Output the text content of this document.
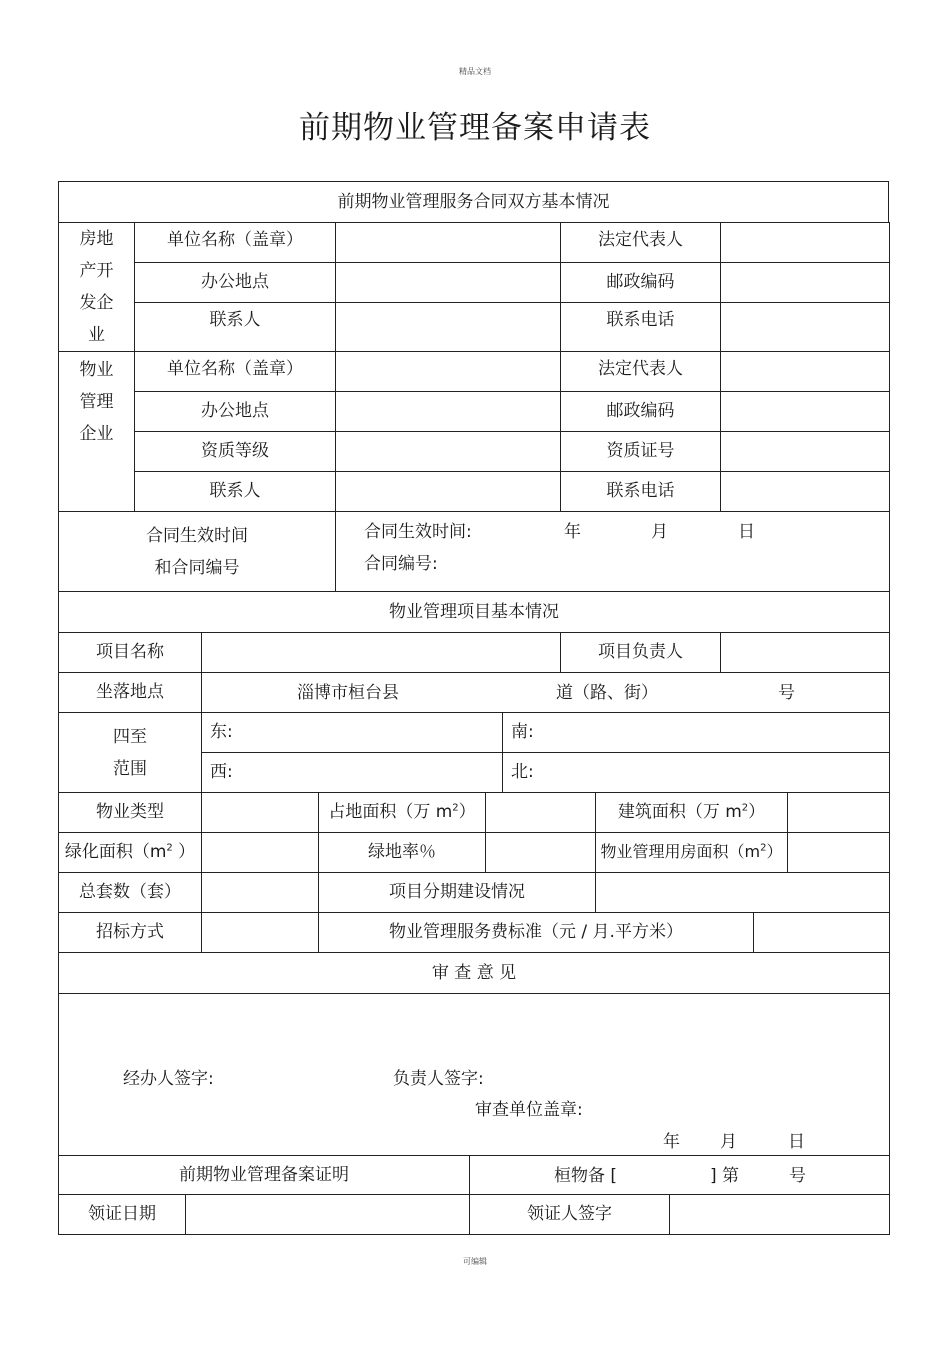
精品文档
前期物业管理备案申请表
前期物业管理服务合同双方基本情况
房地
产开
发企
业
单位名称（盖章）	法定代表人
办公地点	邮政编码
联系人	联系电话
物业
管理
企业
单位名称（盖章）	法定代表人
办公地点	邮政编码
资质等级	资质证号
联系人	联系电话
合同生效时间
和合同编号
合同生效时间:	年	月	日
合同编号:
物业管理项目基本情况
项目名称	项目负责人
坐落地点	淄博市桓台县	道（路、街）	号
四至
范围
东:	南:
西:	北:
物业类型	占地面积（万 $m^2$）	建筑面积（万 $m^2$）
绿化面积（$m^2$ ）	绿地率％	物业管理用房面积$(m^2)$
总套数（套）	项目分期建设情况
招标方式	物业管理服务费标准（元 / 月.平方米）
审 查 意 见
经办人签字:	负责人签字:
审查单位盖章:
年 月	日
前期物业管理备案证明	桓物备 [	] 第	号
领证日期	领证人签字
可编辑
